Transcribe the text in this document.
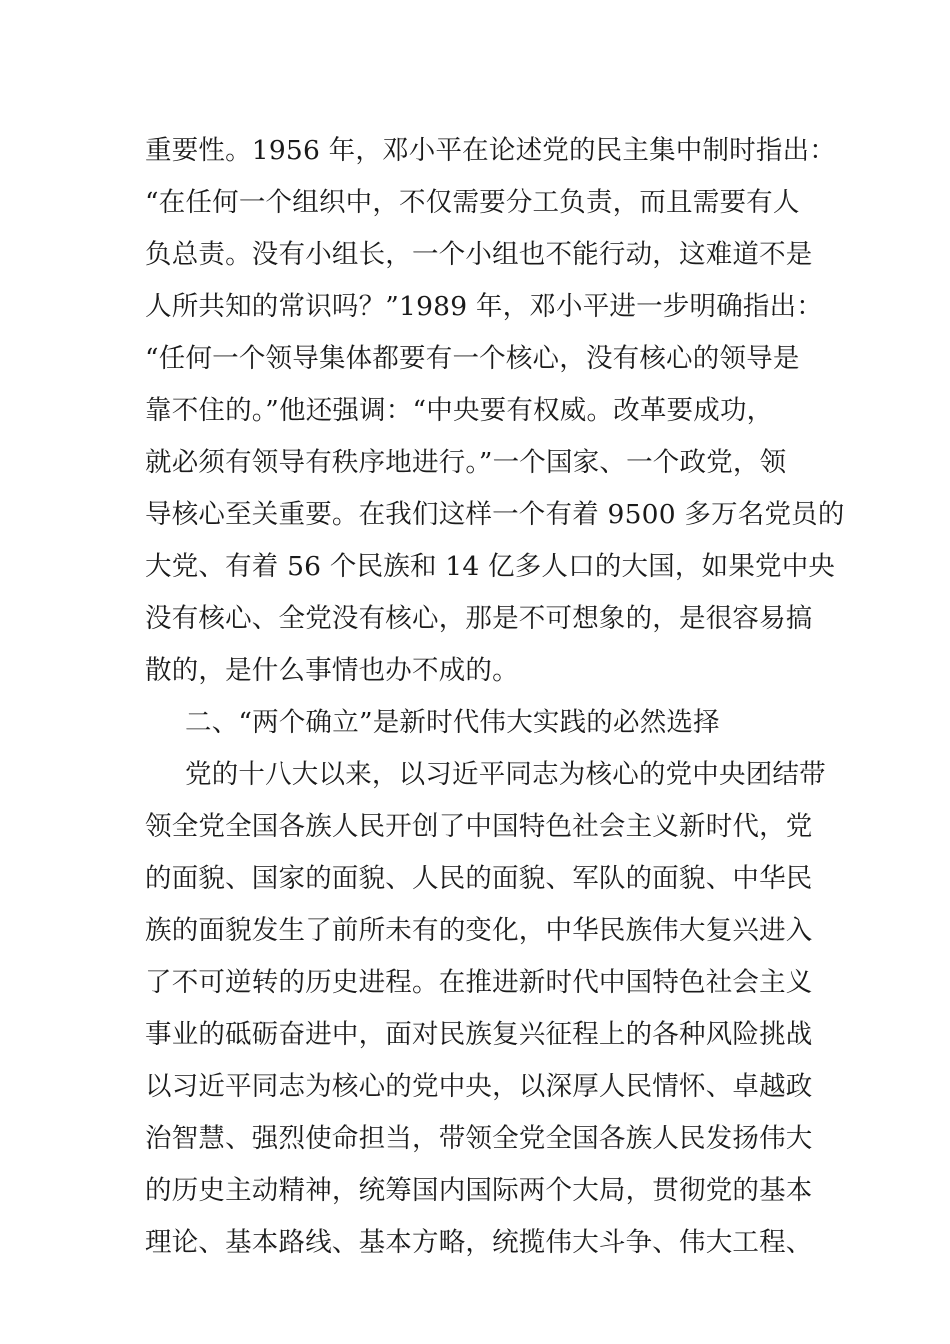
重要性。1956 年，邓小平在论述党的民主集中制时指出：

“在任何一个组织中，不仅需要分工负责，而且需要有人

负总责。没有小组长，一个小组也不能行动，这难道不是

人所共知的常识吗？”1989 年，邓小平进一步明确指出：

“任何一个领导集体都要有一个核心，没有核心的领导是

靠不住的。”他还强调：“中央要有权威。改革要成功，

就必须有领导有秩序地进行。”一个国家、一个政党，领

导核心至关重要。在我们这样一个有着 9500 多万名党员的

大党、有着 56 个民族和 14 亿多人口的大国，如果党中央

没有核心、全党没有核心，那是不可想象的，是很容易搞

散的，是什么事情也办不成的。

二、“两个确立”是新时代伟大实践的必然选择

党的十八大以来，以习近平同志为核心的党中央团结带

领全党全国各族人民开创了中国特色社会主义新时代，党

的面貌、国家的面貌、人民的面貌、军队的面貌、中华民

族的面貌发生了前所未有的变化，中华民族伟大复兴进入

了不可逆转的历史进程。在推进新时代中国特色社会主义

事业的砥砺奋进中，面对民族复兴征程上的各种风险挑战

以习近平同志为核心的党中央，以深厚人民情怀、卓越政

治智慧、强烈使命担当，带领全党全国各族人民发扬伟大

的历史主动精神，统筹国内国际两个大局，贯彻党的基本

理论、基本路线、基本方略，统揽伟大斗争、伟大工程、
